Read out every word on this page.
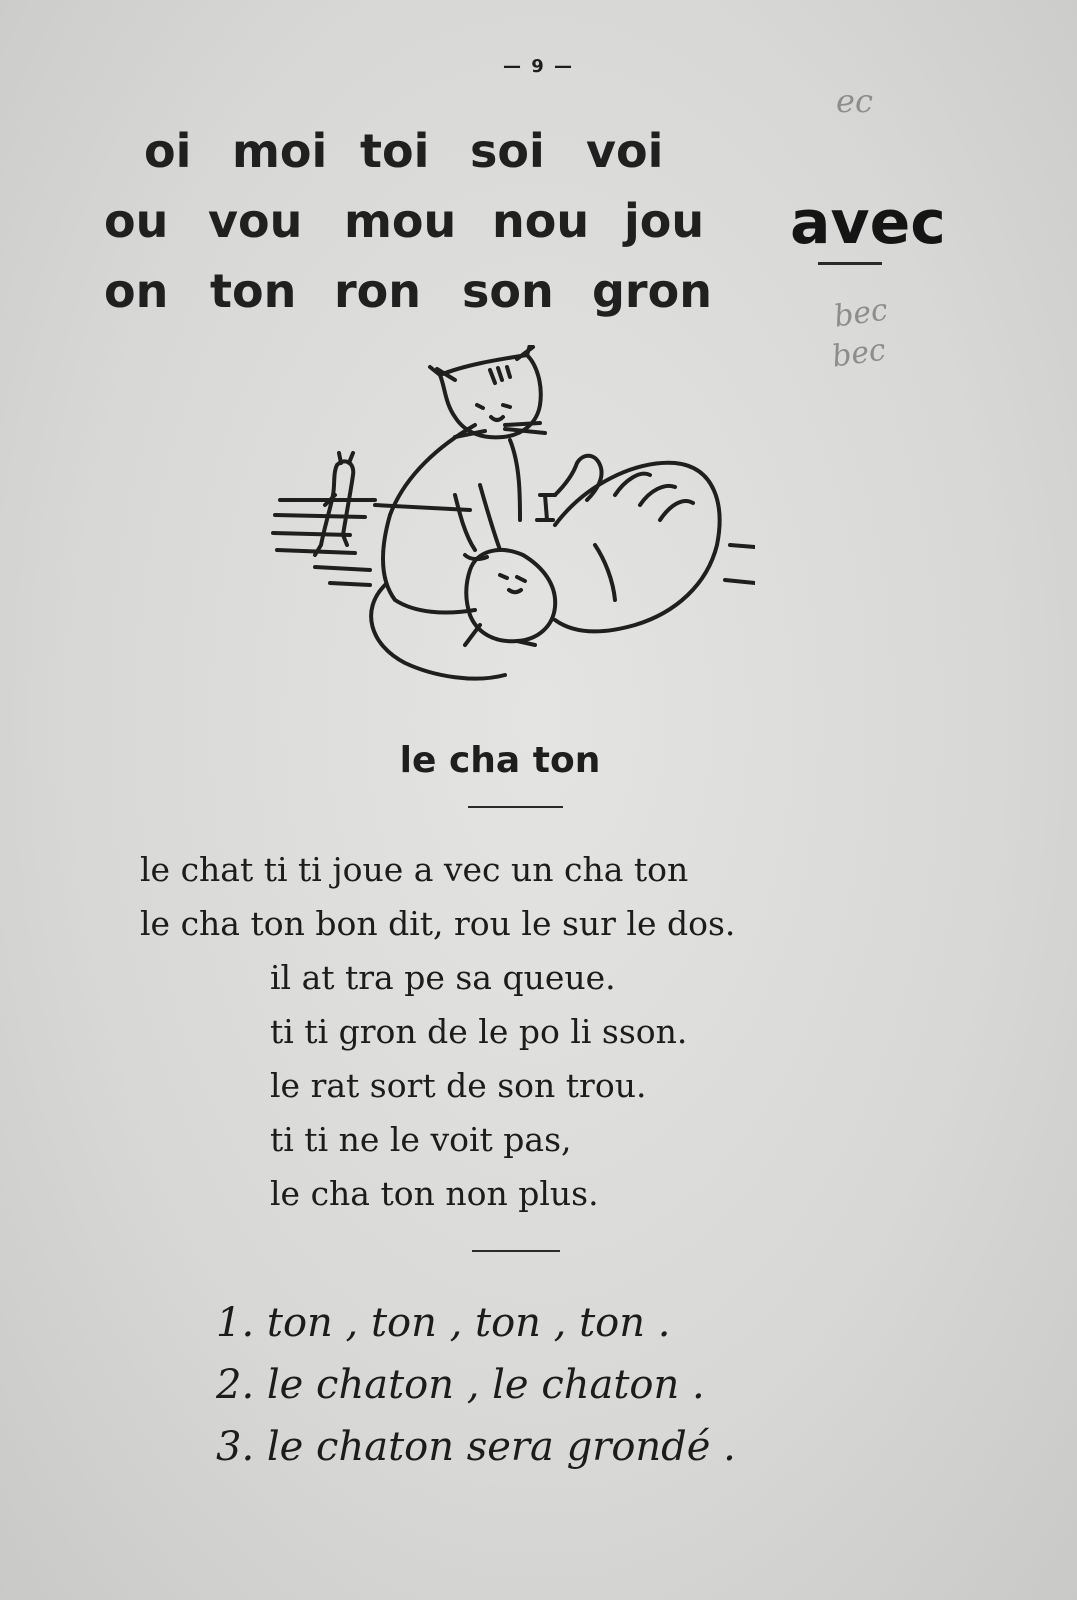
— 9 —
oi moi toi soi voi
ou vou mou nou jou
on ton ron son gron
avec
ec
bec
bec
le cha ton
le chat ti ti joue a vec un cha ton
le cha ton bon dit, rou le sur le dos.
il at tra pe sa queue.
ti ti gron de le po li sson.
le rat sort de son trou.
ti ti ne le voit pas,
le cha ton non plus.
1. ton , ton , ton , ton .
2. le chaton , le chaton .
3. le chaton sera grondé .
